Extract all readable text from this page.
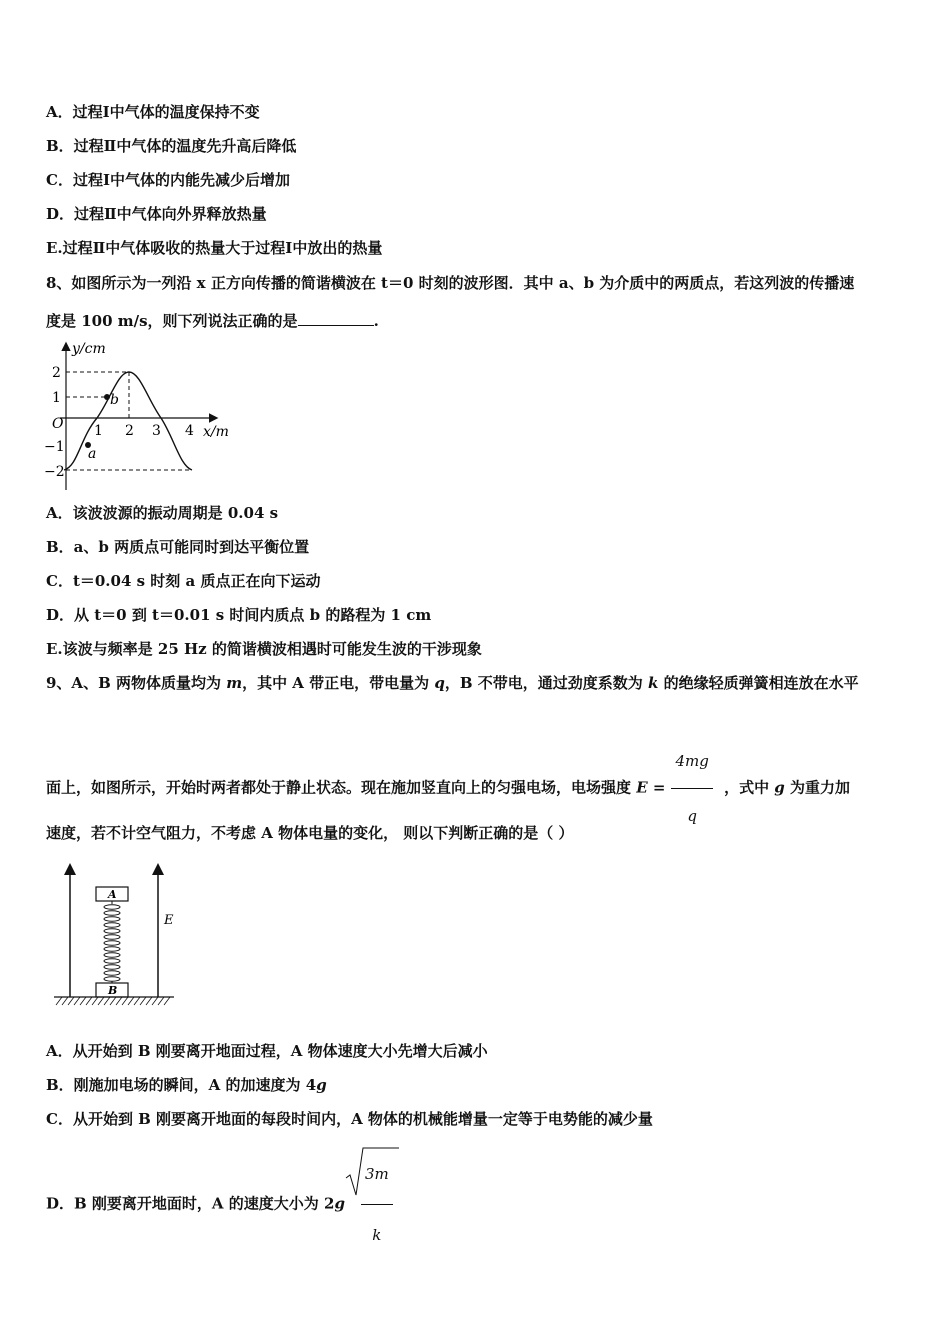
A．过程Ⅰ中气体的温度保持不变
B．过程Ⅱ中气体的温度先升高后降低
C．过程Ⅰ中气体的内能先减少后增加
D．过程Ⅱ中气体向外界释放热量
E.过程Ⅱ中气体吸收的热量大于过程Ⅰ中放出的热量
8、如图所示为一列沿 x 正方向传播的简谐横波在 t＝0 时刻的波形图．其中 a、b 为介质中的两质点，若这列波的传播速
度是 100 m/s，则下列说法正确的是	.
y/cm
x/m
O
2
1
−1
−2
1 2 3 4
b
a
A．该波波源的振动周期是 0.04 s
B．a、b 两质点可能同时到达平衡位置
C．t＝0.04 s 时刻 a 质点正在向下运动
D．从 t＝0 到 t＝0.01 s 时间内质点 b 的路程为 1 cm
E.该波与频率是 25 Hz 的简谐横波相遇时可能发生波的干涉现象
9、A、B 两物体质量均为 m，其中 A 带正电，带电量为 q，B 不带电，通过劲度系数为 k 的绝缘轻质弹簧相连放在水平
面上，如图所示，开始时两者都处于静止状态。现在施加竖直向上的匀强电场，电场强度 $E = \frac{4mg}{q}$ ，式中 g 为重力加
速度，若不计空气阻力，不考虑 A 物体电量的变化， 则以下判断正确的是（ ）
A
B
E
A．从开始到 B 刚要离开地面过程，A 物体速度大小先增大后减小
B．刚施加电场的瞬间，A 的加速度为 4g
C．从开始到 B 刚要离开地面的每段时间内，A 物体的机械能增量一定等于电势能的减少量
D．B 刚要离开地面时，A 的速度大小为 $2g \frac{3m}{k}$
